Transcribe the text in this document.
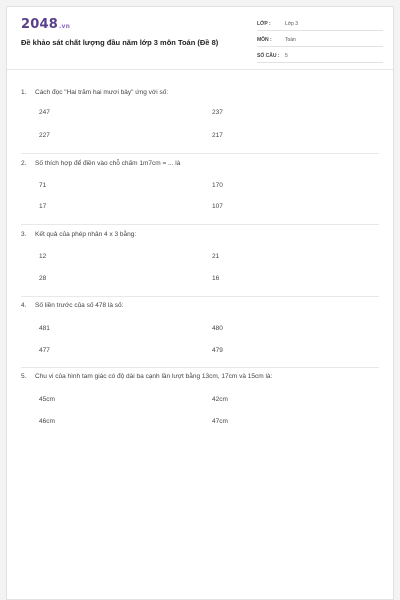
2048.vn
Đề khảo sát chất lượng đầu năm lớp 3 môn Toán (Đề 8)
LỚP :	Lớp 3
MÔN :	Toán
SỐ CÂU :	5
1.	Cách đọc "Hai trăm hai mươi bảy" ứng với số:
247	237
227	217
2.	Số thích hợp để điền vào chỗ chấm 1m7cm = ... là
71	170
17	107
3.	Kết quả của phép nhân 4 x 3 bằng:
12	21
28	16
4.	Số liền trước của số 478 là số:
481	480
477	479
5.	Chu vi của hình tam giác có độ dài ba cạnh lần lượt bằng 13cm, 17cm và 15cm là:
45cm	42cm
46cm	47cm
